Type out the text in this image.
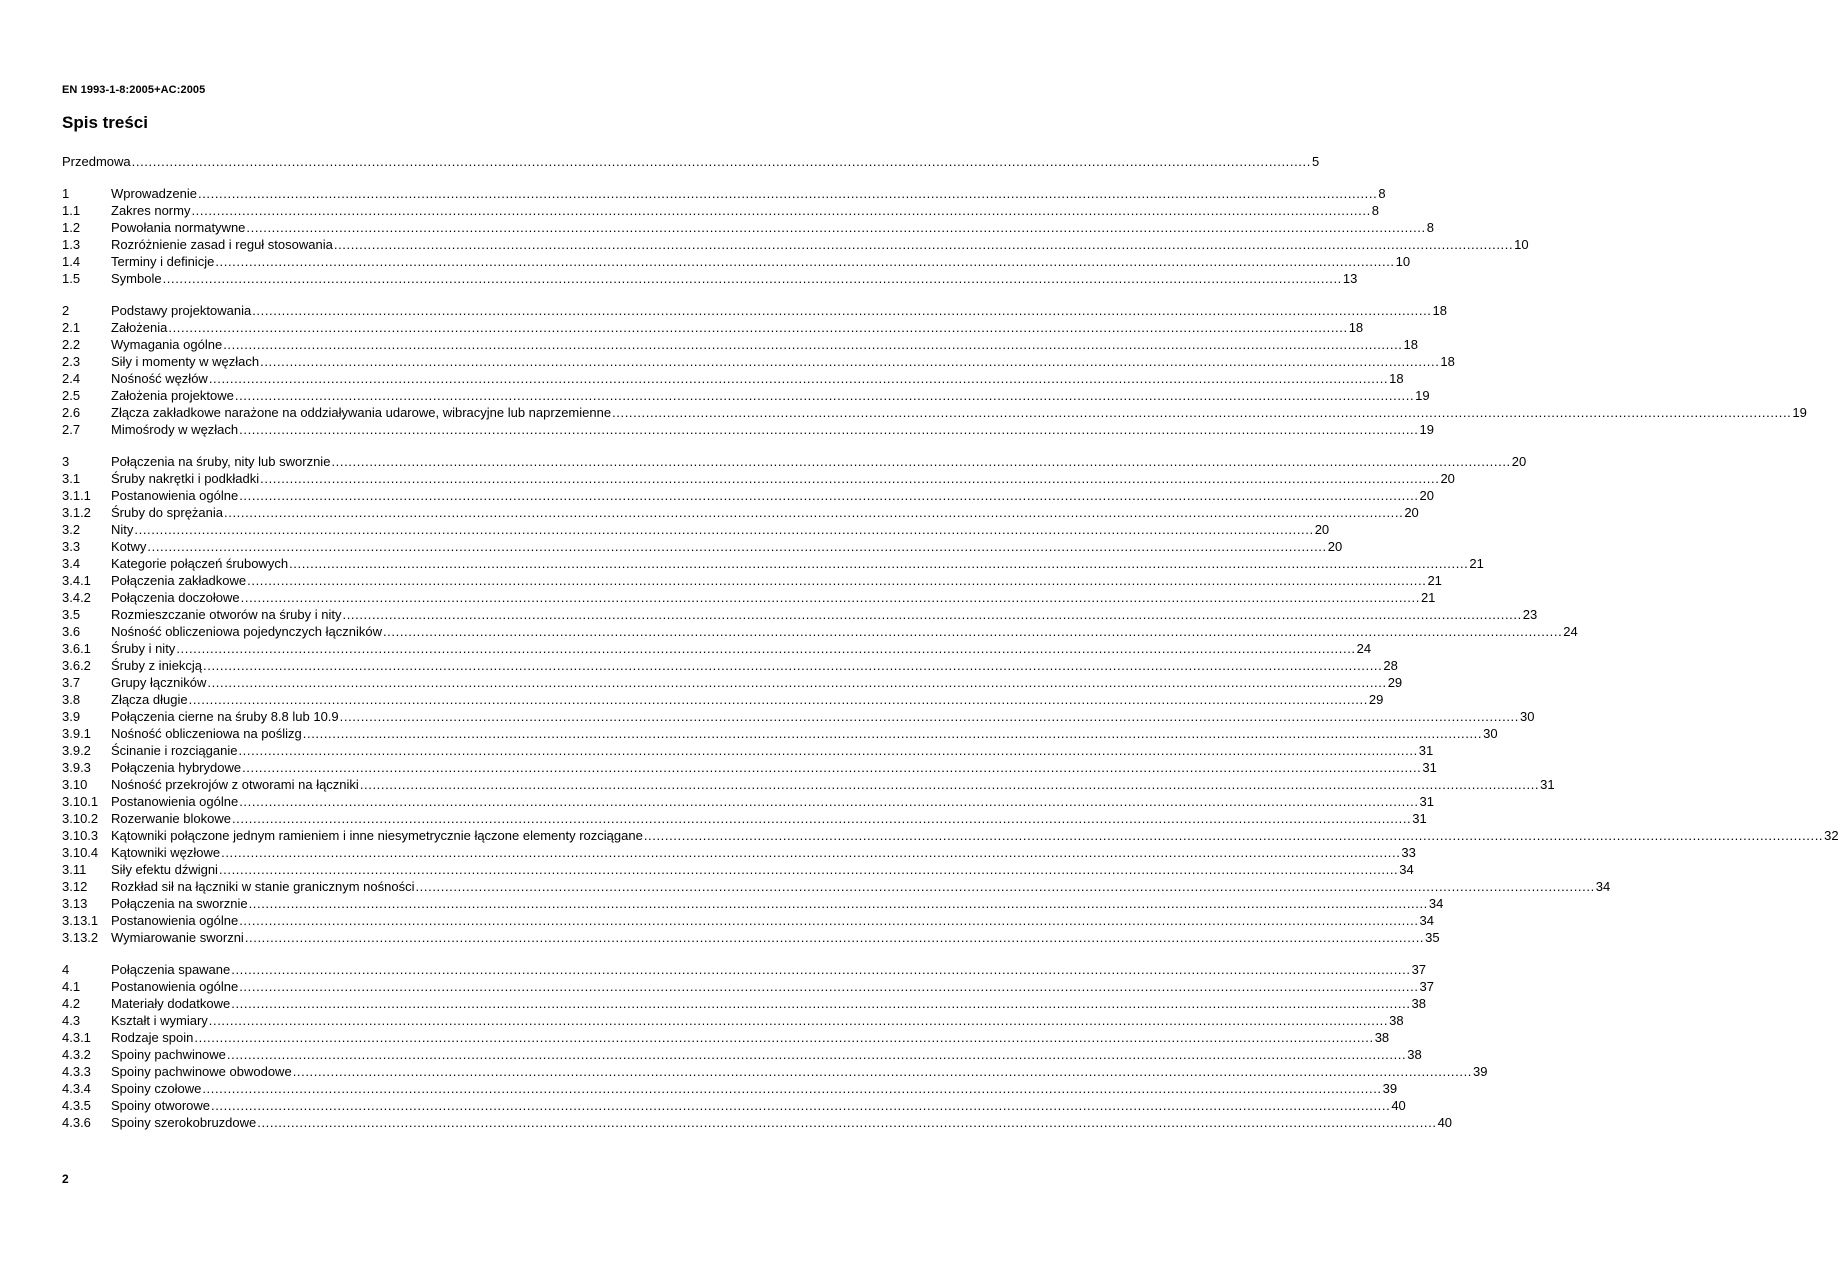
EN 1993-1-8:2005+AC:2005
Spis treści
Przedmowa .....	5
1	Wprowadzenie .....	8
1.1	Zakres normy .....	8
1.2	Powołania normatywne .....	8
1.3	Rozróżnienie zasad i reguł stosowania .....	10
1.4	Terminy i definicje .....	10
1.5	Symbole .....	13
2	Podstawy projektowania .....	18
2.1	Założenia .....	18
2.2	Wymagania ogólne .....	18
2.3	Siły i momenty w węzłach .....	18
2.4	Nośność węzłów .....	18
2.5	Założenia projektowe .....	19
2.6	Złącza zakładkowe narażone na oddziaływania udarowe, wibracyjne lub naprzemienne .....	19
2.7	Mimośrody w węzłach .....	19
3	Połączenia na śruby, nity lub sworznie .....	20
3.1	Śruby nakrętki i podkładki .....	20
3.1.1	Postanowienia ogólne .....	20
3.1.2	Śruby do sprężania .....	20
3.2	Nity .....	20
3.3	Kotwy .....	20
3.4	Kategorie połączeń śrubowych .....	21
3.4.1	Połączenia zakładkowe .....	21
3.4.2	Połączenia doczołowe .....	21
3.5	Rozmieszczanie otworów na śruby i nity .....	23
3.6	Nośność obliczeniowa pojedynczych łączników .....	24
3.6.1	Śruby i nity .....	24
3.6.2	Śruby z iniekcją .....	28
3.7	Grupy łączników .....	29
3.8	Złącza długie .....	29
3.9	Połączenia cierne na śruby 8.8 lub 10.9 .....	30
3.9.1	Nośność obliczeniowa na poślizg .....	30
3.9.2	Ścinanie i rozciąganie .....	31
3.9.3	Połączenia hybrydowe .....	31
3.10	Nośność przekrojów z otworami na łączniki .....	31
3.10.1 Postanowienia ogólne .....	31
3.10.2 Rozerwanie blokowe .....	31
3.10.3 Kątowniki połączone jednym ramieniem i inne niesymetrycznie łączone elementy rozciągane .....	32
3.10.4 Kątowniki węzłowe .....	33
3.11	Siły efektu dźwigni .....	34
3.12	Rozkład sił na łączniki w stanie granicznym nośności .....	34
3.13	Połączenia na sworznie .....	34
3.13.1 Postanowienia ogólne .....	34
3.13.2 Wymiarowanie sworzni .....	35
4	Połączenia spawane .....	37
4.1	Postanowienia ogólne .....	37
4.2	Materiały dodatkowe .....	38
4.3	Kształt i wymiary .....	38
4.3.1	Rodzaje spoin .....	38
4.3.2	Spoiny pachwinowe .....	38
4.3.3	Spoiny pachwinowe obwodowe .....	39
4.3.4	Spoiny czołowe .....	39
4.3.5	Spoiny otworowe .....	40
4.3.6	Spoiny szerokobruzdowe .....	40
2
